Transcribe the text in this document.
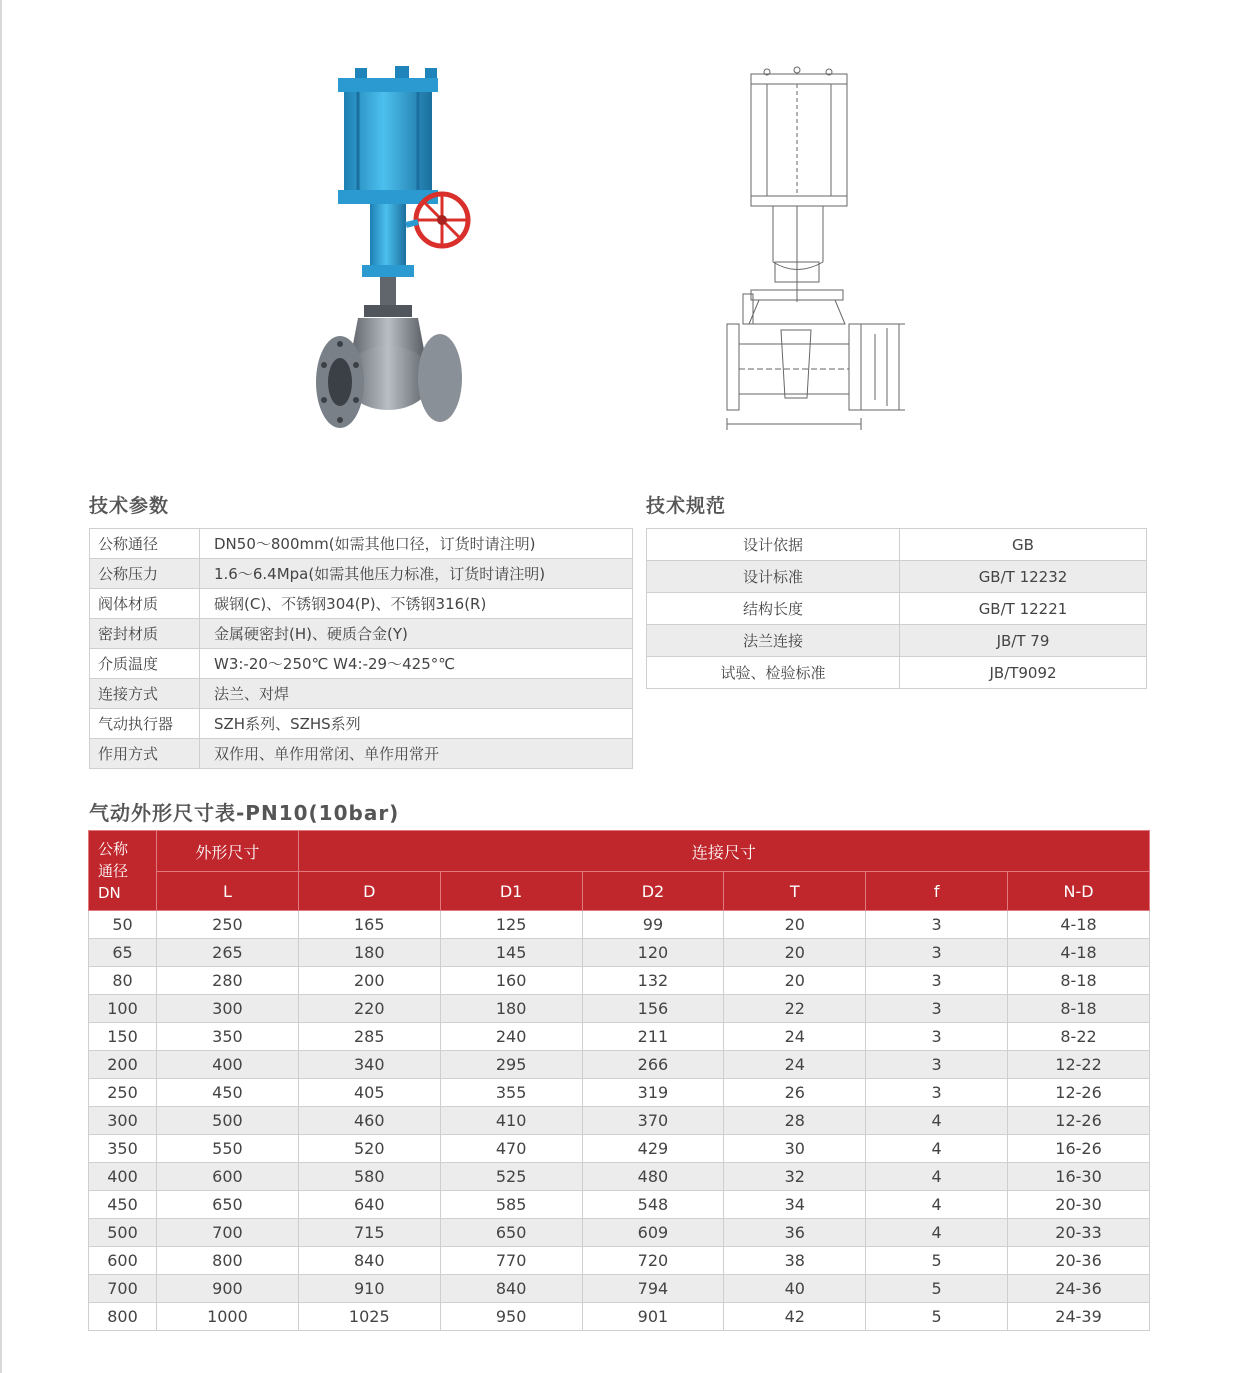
技术参数	技术规范
公称通径	DN50～800mm(如需其他口径，订货时请注明)
公称压力	1.6～6.4Mpa(如需其他压力标准，订货时请注明)
阀体材质	碳钢(C)、不锈钢304(P)、不锈钢316(R)
密封材质	金属硬密封(H)、硬质合金(Y)
介质温度	W3:-20～250℃ W4:-29～425°℃
连接方式	法兰、对焊
气动执行器	SZH系列、SZHS系列
作用方式	双作用、单作用常闭、单作用常开
设计依据	GB
设计标准	GB/T 12232
结构长度	GB/T 12221
法兰连接	JB/T 79
试验、检验标准	JB/T9092
气动外形尺寸表-PN10(10bar)
公称
通径
DN	外形尺寸	连接尺寸					
	L	D	D1	D2	T	f	N-D
50	250	165	125	99	20	3	4-18
65	265	180	145	120	20	3	4-18
80	280	200	160	132	20	3	8-18
100	300	220	180	156	22	3	8-18
150	350	285	240	211	24	3	8-22
200	400	340	295	266	24	3	12-22
250	450	405	355	319	26	3	12-26
300	500	460	410	370	28	4	12-26
350	550	520	470	429	30	4	16-26
400	600	580	525	480	32	4	16-30
450	650	640	585	548	34	4	20-30
500	700	715	650	609	36	4	20-33
600	800	840	770	720	38	5	20-36
700	900	910	840	794	40	5	24-36
800	1000	1025	950	901	42	5	24-39
